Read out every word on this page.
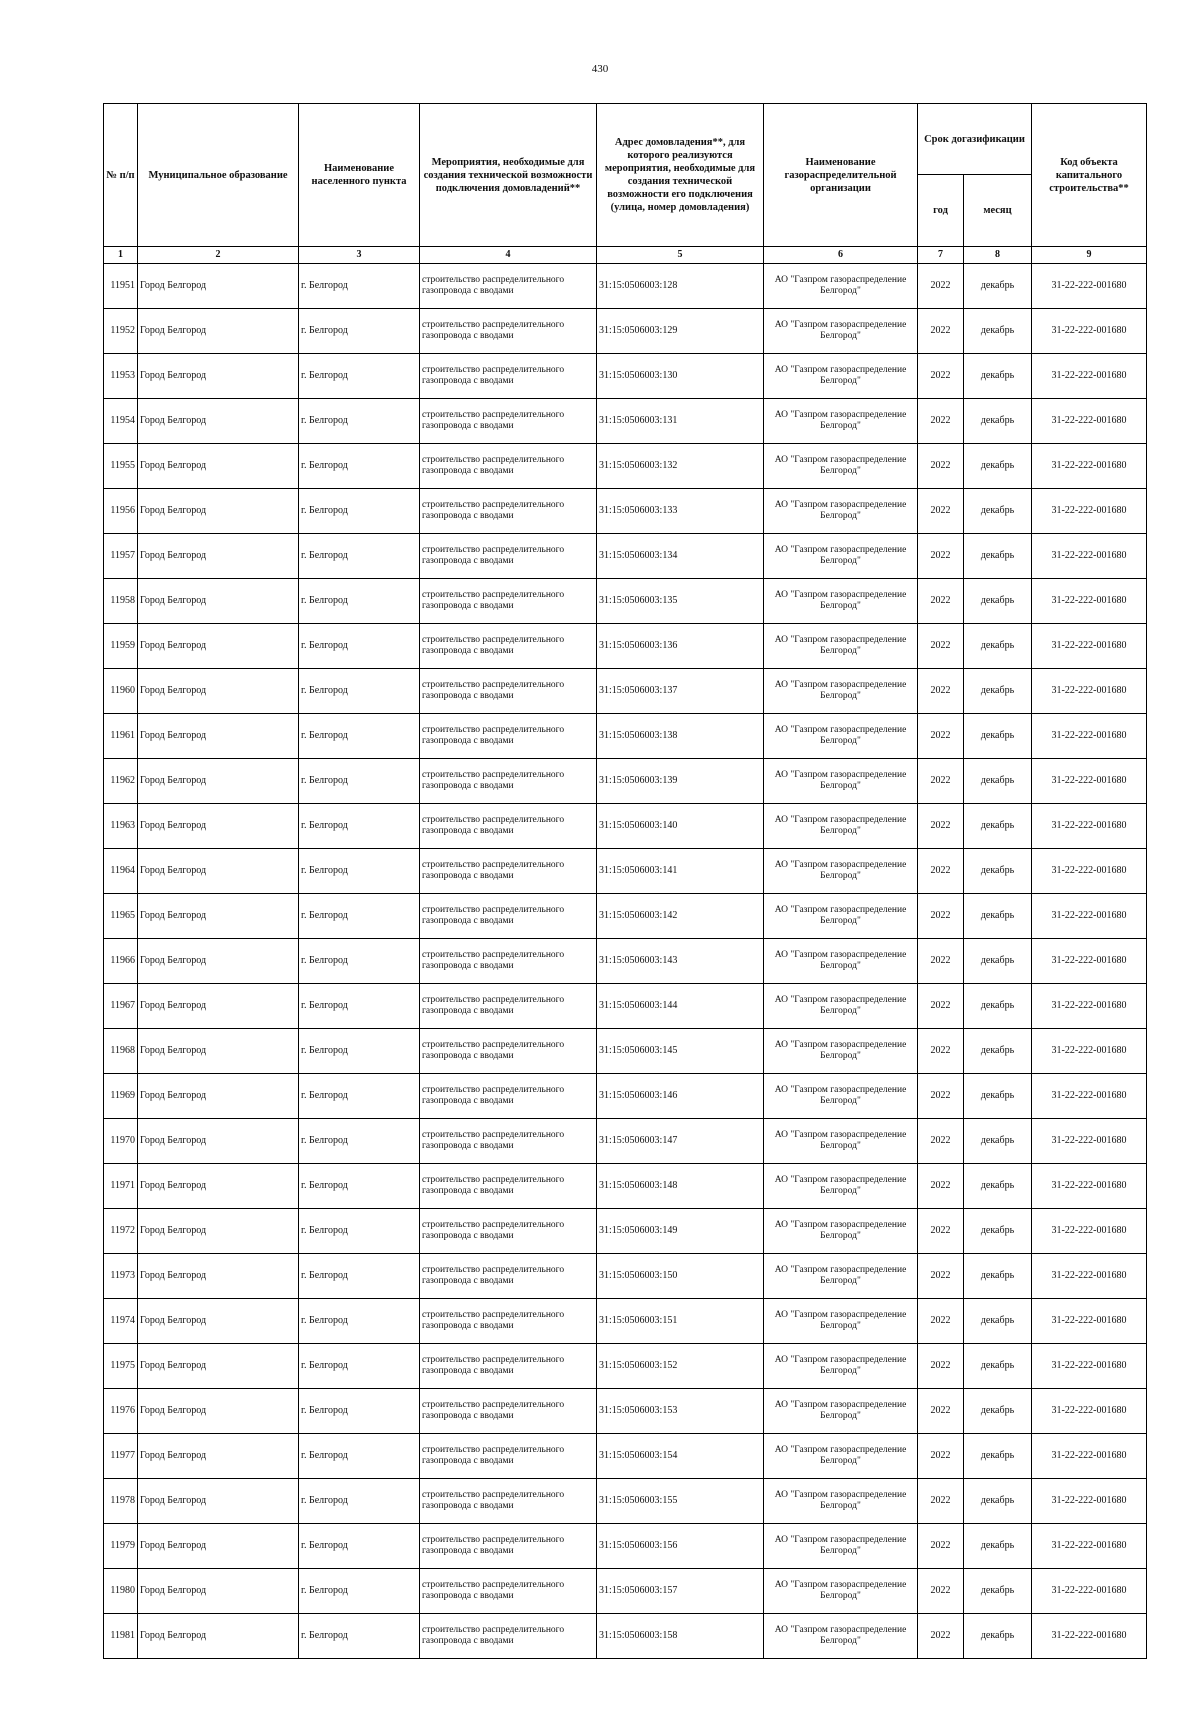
430
№ п/п	Муниципальное образование	Наименование населенного пункта	Мероприятия, необходимые для создания технической возможности подключения домовладений**	Адрес домовладения**, для которого реализуются мероприятия, необходимые для создания технической возможности его подключения (улица, номер домовладения)	Наименование газораспределительной организации	Срок догазификации		Код объекта капитального строительства**
						год	месяц	
1	2	3	4	5	6	7	8	9
11951	Город Белгород	г. Белгород	строительство распределительного газопровода с вводами	31:15:0506003:128	АО "Газпром газораспределение Белгород"	2022	декабрь	31-22-222-001680
11952	Город Белгород	г. Белгород	строительство распределительного газопровода с вводами	31:15:0506003:129	АО "Газпром газораспределение Белгород"	2022	декабрь	31-22-222-001680
11953	Город Белгород	г. Белгород	строительство распределительного газопровода с вводами	31:15:0506003:130	АО "Газпром газораспределение Белгород"	2022	декабрь	31-22-222-001680
11954	Город Белгород	г. Белгород	строительство распределительного газопровода с вводами	31:15:0506003:131	АО "Газпром газораспределение Белгород"	2022	декабрь	31-22-222-001680
11955	Город Белгород	г. Белгород	строительство распределительного газопровода с вводами	31:15:0506003:132	АО "Газпром газораспределение Белгород"	2022	декабрь	31-22-222-001680
11956	Город Белгород	г. Белгород	строительство распределительного газопровода с вводами	31:15:0506003:133	АО "Газпром газораспределение Белгород"	2022	декабрь	31-22-222-001680
11957	Город Белгород	г. Белгород	строительство распределительного газопровода с вводами	31:15:0506003:134	АО "Газпром газораспределение Белгород"	2022	декабрь	31-22-222-001680
11958	Город Белгород	г. Белгород	строительство распределительного газопровода с вводами	31:15:0506003:135	АО "Газпром газораспределение Белгород"	2022	декабрь	31-22-222-001680
11959	Город Белгород	г. Белгород	строительство распределительного газопровода с вводами	31:15:0506003:136	АО "Газпром газораспределение Белгород"	2022	декабрь	31-22-222-001680
11960	Город Белгород	г. Белгород	строительство распределительного газопровода с вводами	31:15:0506003:137	АО "Газпром газораспределение Белгород"	2022	декабрь	31-22-222-001680
11961	Город Белгород	г. Белгород	строительство распределительного газопровода с вводами	31:15:0506003:138	АО "Газпром газораспределение Белгород"	2022	декабрь	31-22-222-001680
11962	Город Белгород	г. Белгород	строительство распределительного газопровода с вводами	31:15:0506003:139	АО "Газпром газораспределение Белгород"	2022	декабрь	31-22-222-001680
11963	Город Белгород	г. Белгород	строительство распределительного газопровода с вводами	31:15:0506003:140	АО "Газпром газораспределение Белгород"	2022	декабрь	31-22-222-001680
11964	Город Белгород	г. Белгород	строительство распределительного газопровода с вводами	31:15:0506003:141	АО "Газпром газораспределение Белгород"	2022	декабрь	31-22-222-001680
11965	Город Белгород	г. Белгород	строительство распределительного газопровода с вводами	31:15:0506003:142	АО "Газпром газораспределение Белгород"	2022	декабрь	31-22-222-001680
11966	Город Белгород	г. Белгород	строительство распределительного газопровода с вводами	31:15:0506003:143	АО "Газпром газораспределение Белгород"	2022	декабрь	31-22-222-001680
11967	Город Белгород	г. Белгород	строительство распределительного газопровода с вводами	31:15:0506003:144	АО "Газпром газораспределение Белгород"	2022	декабрь	31-22-222-001680
11968	Город Белгород	г. Белгород	строительство распределительного газопровода с вводами	31:15:0506003:145	АО "Газпром газораспределение Белгород"	2022	декабрь	31-22-222-001680
11969	Город Белгород	г. Белгород	строительство распределительного газопровода с вводами	31:15:0506003:146	АО "Газпром газораспределение Белгород"	2022	декабрь	31-22-222-001680
11970	Город Белгород	г. Белгород	строительство распределительного газопровода с вводами	31:15:0506003:147	АО "Газпром газораспределение Белгород"	2022	декабрь	31-22-222-001680
11971	Город Белгород	г. Белгород	строительство распределительного газопровода с вводами	31:15:0506003:148	АО "Газпром газораспределение Белгород"	2022	декабрь	31-22-222-001680
11972	Город Белгород	г. Белгород	строительство распределительного газопровода с вводами	31:15:0506003:149	АО "Газпром газораспределение Белгород"	2022	декабрь	31-22-222-001680
11973	Город Белгород	г. Белгород	строительство распределительного газопровода с вводами	31:15:0506003:150	АО "Газпром газораспределение Белгород"	2022	декабрь	31-22-222-001680
11974	Город Белгород	г. Белгород	строительство распределительного газопровода с вводами	31:15:0506003:151	АО "Газпром газораспределение Белгород"	2022	декабрь	31-22-222-001680
11975	Город Белгород	г. Белгород	строительство распределительного газопровода с вводами	31:15:0506003:152	АО "Газпром газораспределение Белгород"	2022	декабрь	31-22-222-001680
11976	Город Белгород	г. Белгород	строительство распределительного газопровода с вводами	31:15:0506003:153	АО "Газпром газораспределение Белгород"	2022	декабрь	31-22-222-001680
11977	Город Белгород	г. Белгород	строительство распределительного газопровода с вводами	31:15:0506003:154	АО "Газпром газораспределение Белгород"	2022	декабрь	31-22-222-001680
11978	Город Белгород	г. Белгород	строительство распределительного газопровода с вводами	31:15:0506003:155	АО "Газпром газораспределение Белгород"	2022	декабрь	31-22-222-001680
11979	Город Белгород	г. Белгород	строительство распределительного газопровода с вводами	31:15:0506003:156	АО "Газпром газораспределение Белгород"	2022	декабрь	31-22-222-001680
11980	Город Белгород	г. Белгород	строительство распределительного газопровода с вводами	31:15:0506003:157	АО "Газпром газораспределение Белгород"	2022	декабрь	31-22-222-001680
11981	Город Белгород	г. Белгород	строительство распределительного газопровода с вводами	31:15:0506003:158	АО "Газпром газораспределение Белгород"	2022	декабрь	31-22-222-001680
